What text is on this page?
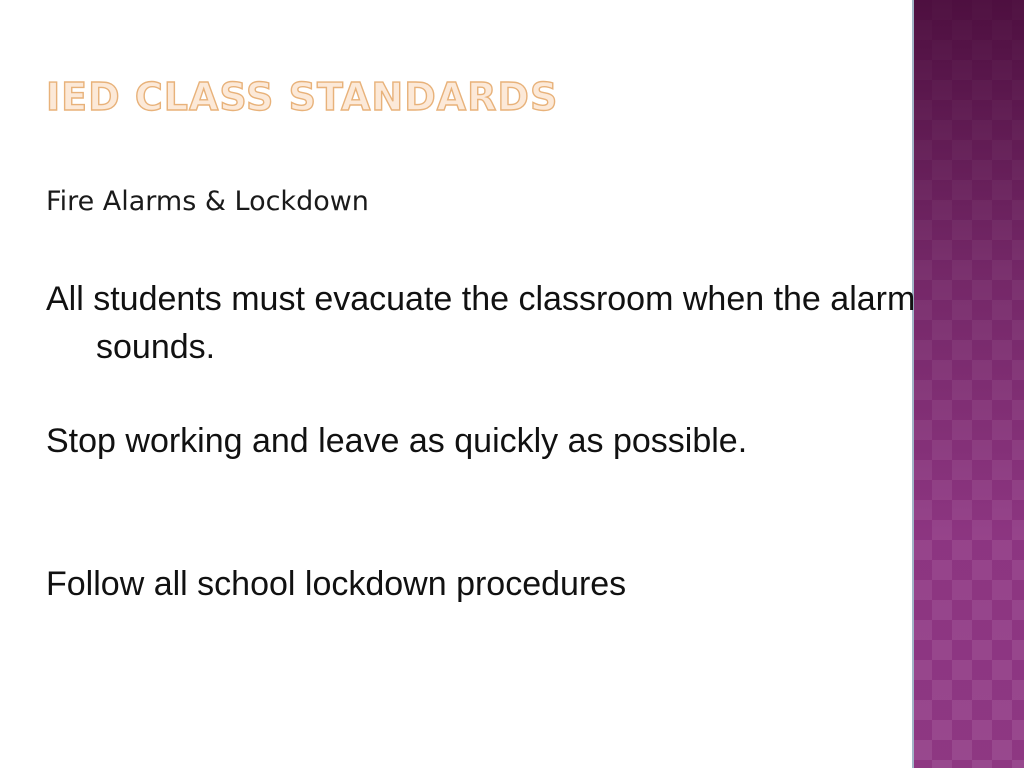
IED CLASS STANDARDS

Fire Alarms & Lockdown

All students must evacuate the classroom when the alarm sounds.

Stop working and leave as quickly as possible.

Follow all school lockdown procedures
